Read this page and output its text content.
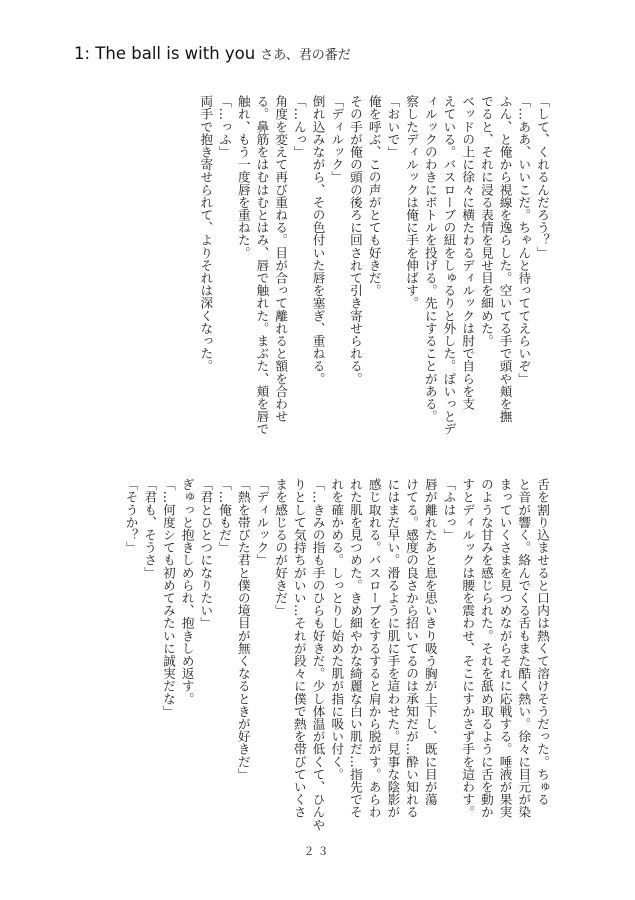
1: The ball is with you さあ、君の番だ
「して、くれるんだろう？」
「…ああ、いいこだ。ちゃんと待っててえらいぞ」
ふん、と俺から視線を逸らした。空いてる手で頭や頬を撫
でると、それに浸る表情を見せ目を細めた。
ベッドの上に徐々に横たわるディルックは肘で自らを支
えている。バスローブの紐をしゅるりと外した。ぽいっとデ
ィルックのわきにボトルを投げる。先にすることがある。
察したディルックは俺に手を伸ばす。
「おいで」
俺を呼ぶ、この声がとても好きだ。
その手が俺の頭の後ろに回されて引き寄せられる。
「ディルック」
倒れ込みながら、その色付いた唇を塞ぎ、重ねる。
「…んっ」
角度を変えて再び重ねる。目が合って離れると額を合わせ
る。鼻筋をはむはむとはみ、唇で触れた。まぶた、頬を唇で
触れ、もう一度唇を重ねた。
「…っふ」
両手で抱き寄せられて、よりそれは深くなった。
舌を割り込ませると口内は熱くて溶けそうだった。ちゅる
と音が響く。絡んでくる舌もまた酷く熱い。徐々に目元が染
まっていくさまを見つめながらそれに応戦する。唾液が果実
のような甘みを感じられた。それを舐め取るように舌を動か
すとディルックは腰を震わせ、そこにすかさず手を這わす。
「ふはっ」
唇が離れたあと息を思いきり吸う胸が上下し、既に目が蕩
けてる。感度の良さから招いてるのは承知だが…酔い知れる
にはまだ早い。滑るように肌に手を這わせた。見事な陰影が
感じ取れる。バスローブをするすると肩から脱がす。あらわ
れた肌を見つめた。きめ細やかな綺麗な白い肌だ…指先でそ
れを確かめる。しっとりし始めた肌が指に吸い付く。
「…きみの指も手のひらも好きだ。少し体温が低くて、ひんや
りとして気持ちがいい…それが段々に僕で熱を帯びていくさ
まを感じるのが好きだ」
「ディルック」
「熱を帯びた君と僕の境目が無くなるときが好きだ」
「…俺もだ」
「君とひとつになりたい」
ぎゅっと抱きしめられ、抱きしめ返す。
「…何度シても初めてみたいに誠実だな」
「君も、そうさ」
「そうか？」
２３
